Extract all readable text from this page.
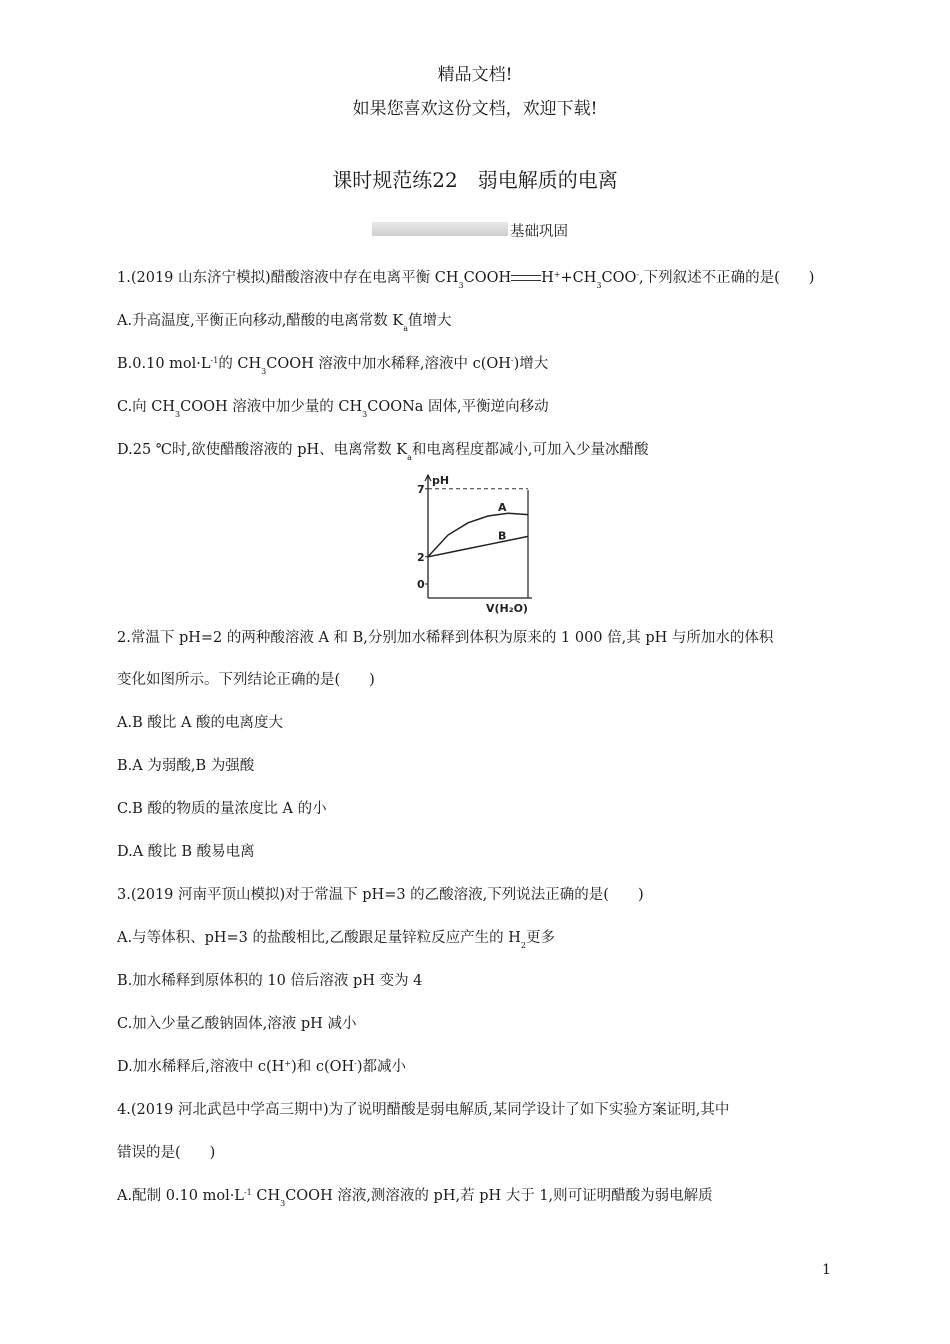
精品文档!
如果您喜欢这份文档，欢迎下载!
课时规范练22　弱电解质的电离
基础巩固
1.(2019 山东济宁模拟)醋酸溶液中存在电离平衡 $CH_3COOH$ $H^++CH_3COO^-$,下列叙述不正确的是(　　)
A.升高温度,平衡正向移动,醋酸的电离常数 $K_a$值增大
B.0.10 $mol\cdot L^{-1}$的 $CH_3COOH$ 溶液中加水稀释,溶液中 c(OH-)增大
C.向 $CH_3COOH$ 溶液中加少量的 $CH_3COONa$ 固体,平衡逆向移动
D.25 ℃时,欲使醋酸溶液的 pH、电离常数 $K_a$和电离程度都减小,可加入少量冰醋酸
pH
0
2
7
A
B
V(H₂O)
2.常温下 pH=2 的两种酸溶液 A 和 B,分别加水稀释到体积为原来的 1 000 倍,其 pH 与所加水的体积
变化如图所示。下列结论正确的是(　　)
A.B 酸比 A 酸的电离度大
B.A 为弱酸,B 为强酸
C.B 酸的物质的量浓度比 A 的小
D.A 酸比 B 酸易电离
3.(2019 河南平顶山模拟)对于常温下 pH=3 的乙酸溶液,下列说法正确的是(　　)
A.与等体积、pH=3 的盐酸相比,乙酸跟足量锌粒反应产生的 $H_2$更多
B.加水稀释到原体积的 10 倍后溶液 pH 变为 4
C.加入少量乙酸钠固体,溶液 pH 减小
D.加水稀释后,溶液中 c(H+)和 c(OH-)都减小
4.(2019 河北武邑中学高三期中)为了说明醋酸是弱电解质,某同学设计了如下实验方案证明,其中
错误的是(　　)
A.配制 0.10 $mol\cdot L^{-1}$ $CH_3COOH$ 溶液,测溶液的 pH,若 pH 大于 1,则可证明醋酸为弱电解质
1
